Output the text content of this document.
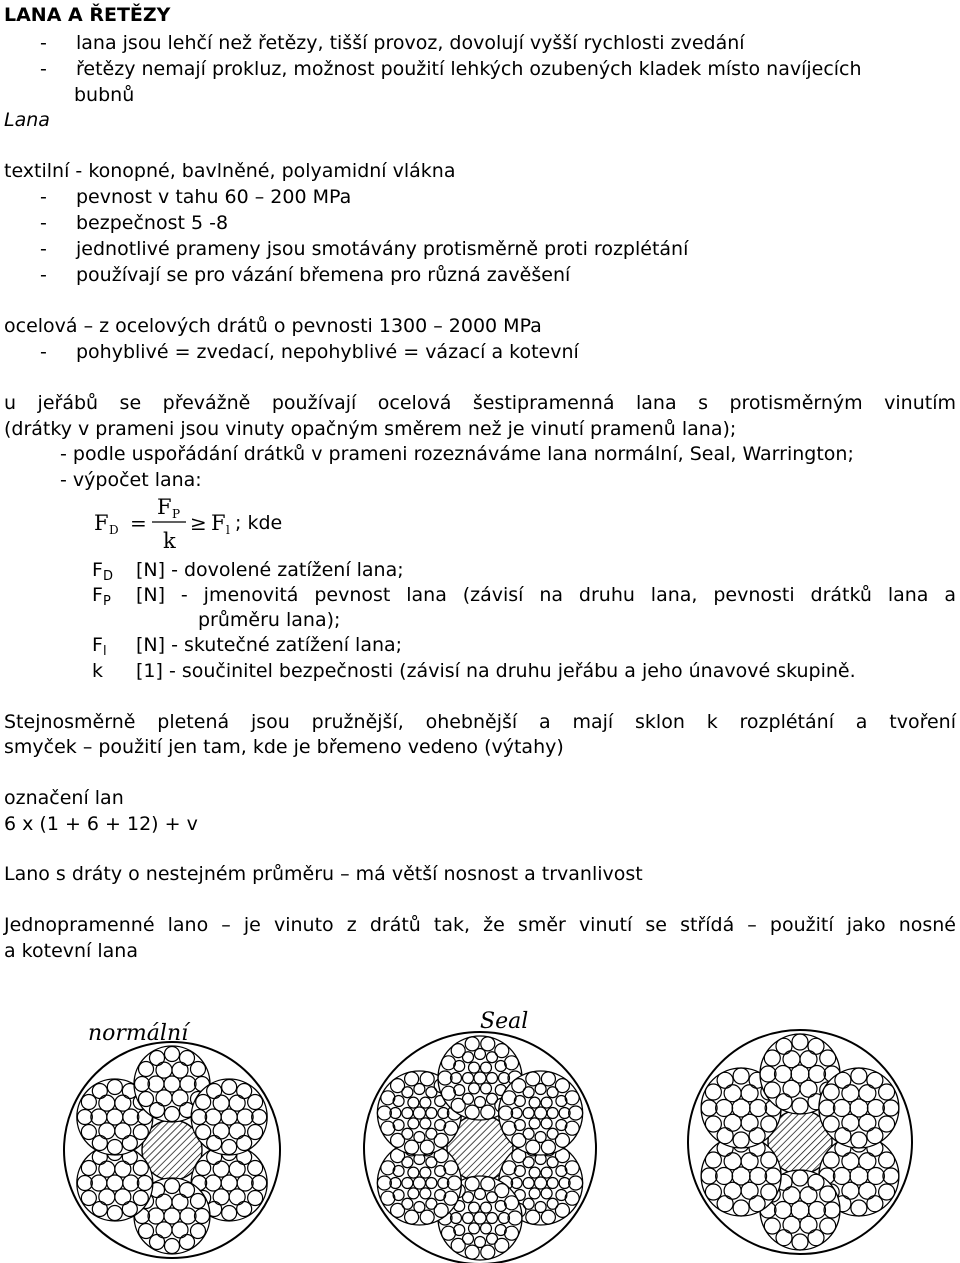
LANA A ŘETĚZY
- lana jsou lehčí než řetězy, tišší provoz, dovolují vyšší rychlosti zvedání
- řetězy nemají prokluz, možnost použití lehkých ozubených kladek místo navíjecích
bubnů
Lana
textilní - konopné, bavlněné, polyamidní vlákna
- pevnost v tahu 60 – 200 MPa
- bezpečnost 5 -8
- jednotlivé prameny jsou smotávány protisměrně proti rozplétání
- používají se pro vázání břemena pro různá zavěšení
ocelová – z ocelových drátů o pevnosti 1300 – 2000 MPa
- pohyblivé = zvedací, nepohyblivé = vázací a kotevní
u jeřábů se převážně používají ocelová šestipramenná lana s protisměrným vinutím
(drátky v prameni jsou vinuty opačným směrem než je vinutí pramenů lana);
- podle uspořádání drátků v prameni rozeznáváme lana normální, Seal, Warrington;
- výpočet lana:
F D =
F P
k
≥ F l ; kde
$F_D$ [N] - dovolené zatížení lana;
$F_P$ [N] - jmenovitá pevnost lana (závisí na druhu lana, pevnosti drátků lana a
průměru lana);
$F_l$ [N] - skutečné zatížení lana;
k [1] - součinitel bezpečnosti (závisí na druhu jeřábu a jeho únavové skupině.
Stejnosměrně pletená jsou pružnější, ohebnější a mají sklon k rozplétání a tvoření
smyček – použití jen tam, kde je břemeno vedeno (výtahy)
označení lan
6 x (1 + 6 + 12) + v
Lano s dráty o nestejném průměru – má větší nosnost a trvanlivost
Jednopramenné lano – je vinuto z drátů tak, že směr vinutí se střídá – použití jako nosné
a kotevní lana
normální	Seal
